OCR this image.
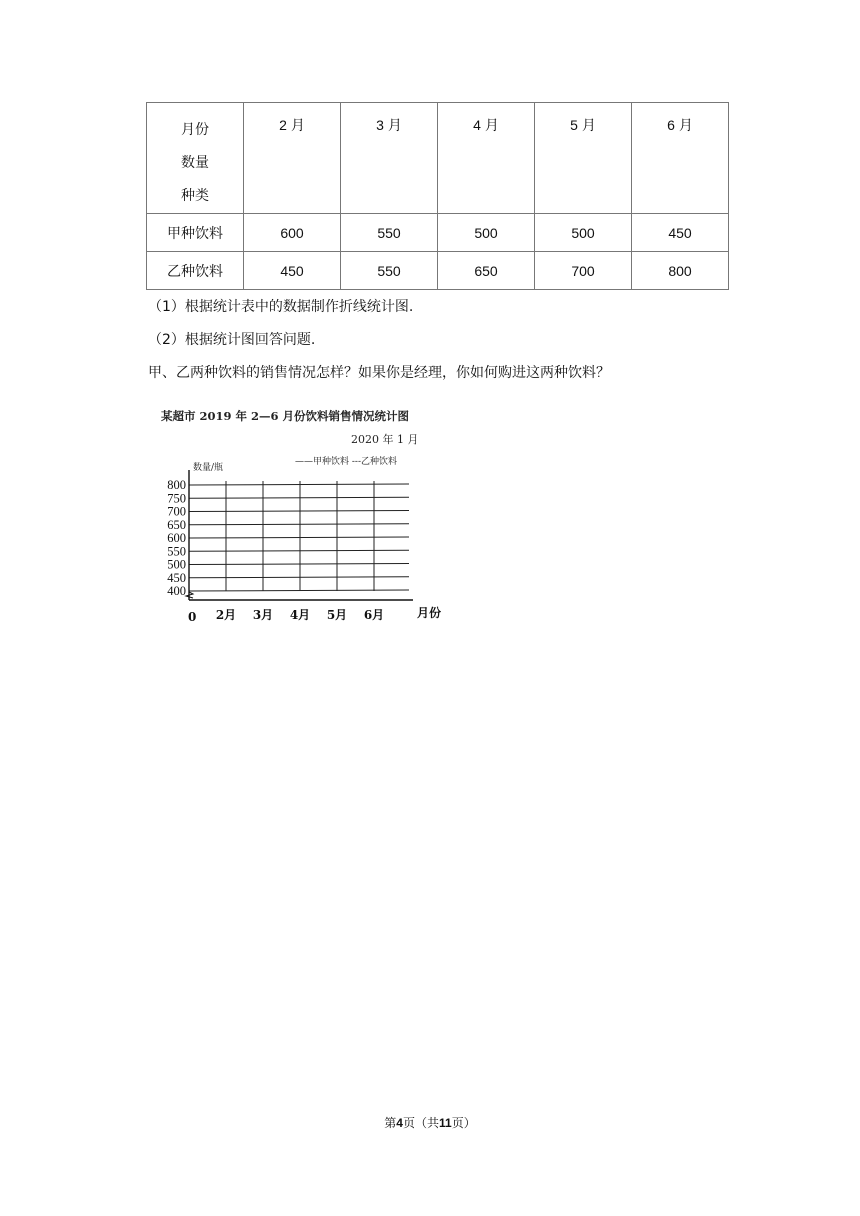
月份
数量
种类	2 月	3 月	4 月	5 月	6 月

甲种饮料	600	550	500	500	450
乙种饮料	450	550	650	700	800
（1）根据统计表中的数据制作折线统计图.
（2）根据统计图回答问题.
甲、乙两种饮料的销售情况怎样？如果你是经理，你如何购进这两种饮料？
某超市 2019 年 2—6 月份饮料销售情况统计图
2020 年 1 月
数量/瓶
——甲种饮料 ---乙种饮料
800
750
700
650
600
550
500
450
400
2月 3月 4月 5月 6月
0	月份
第4页（共11页）
